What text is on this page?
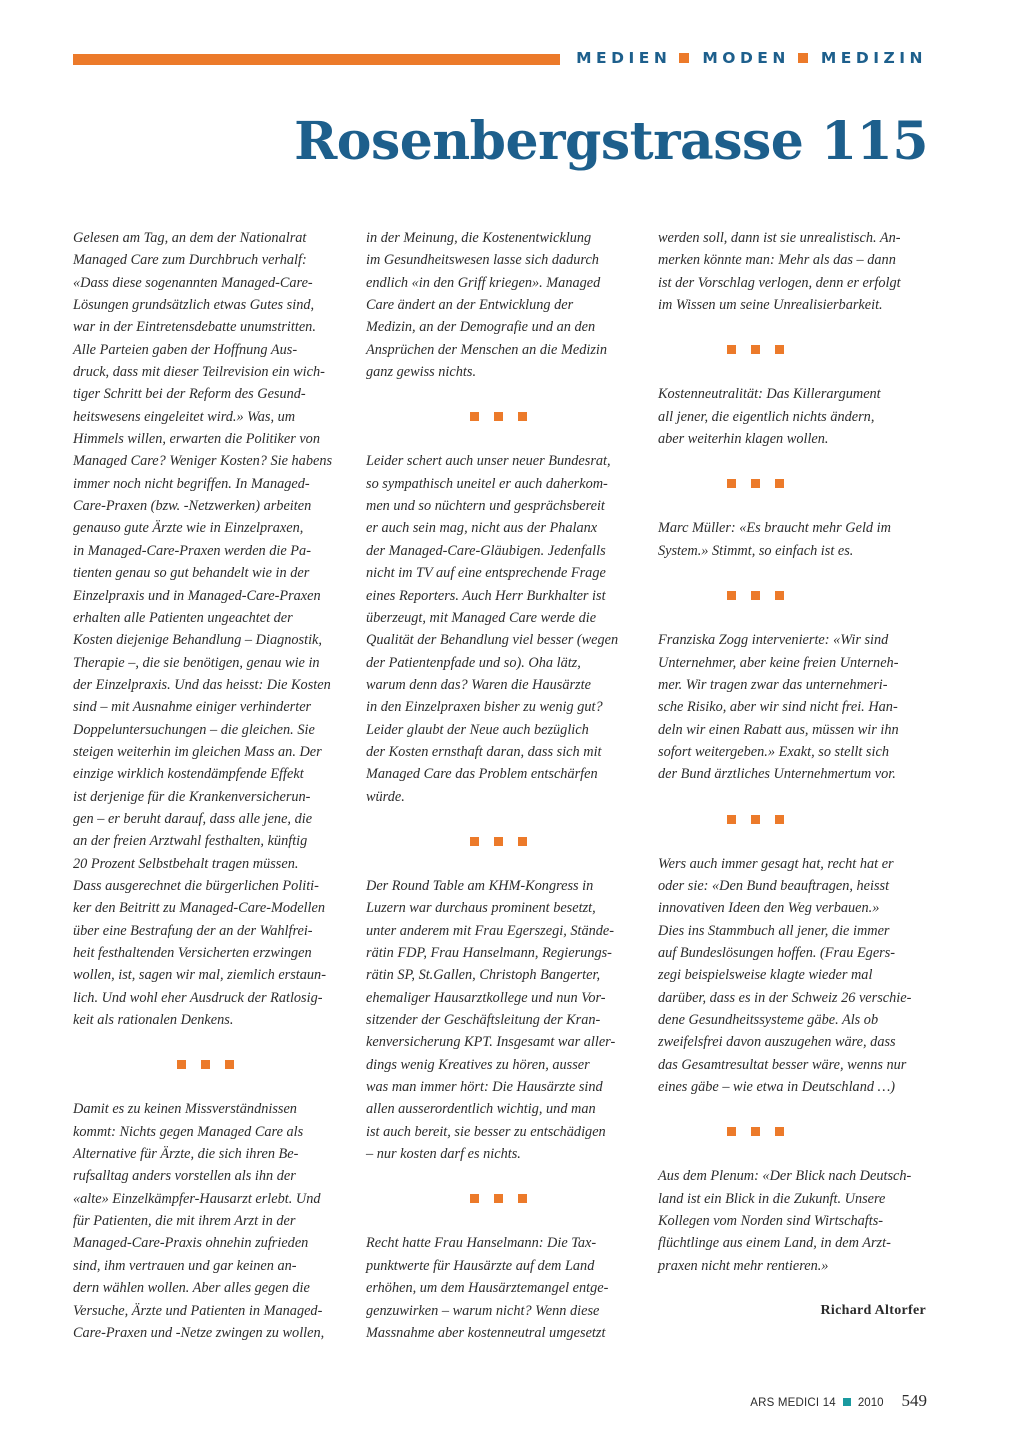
MEDIEN MODEN MEDIZIN
Rosenbergstrasse 115
Gelesen am Tag, an dem der Nationalrat
Managed Care zum Durchbruch verhalf:
«Dass diese sogenannten Managed-Care-
Lösungen grundsätzlich etwas Gutes sind,
war in der Eintretensdebatte unumstritten.
Alle Parteien gaben der Hoffnung Aus-
druck, dass mit dieser Teilrevision ein wich-
tiger Schritt bei der Reform des Gesund-
heitswesens eingeleitet wird.» Was, um
Himmels willen, erwarten die Politiker von
Managed Care? Weniger Kosten? Sie habens
immer noch nicht begriffen. In Managed-
Care-Praxen (bzw. -Netzwerken) arbeiten
genauso gute Ärzte wie in Einzelpraxen,
in Managed-Care-Praxen werden die Pa-
tienten genau so gut behandelt wie in der
Einzelpraxis und in Managed-Care-Praxen
erhalten alle Patienten ungeachtet der
Kosten diejenige Behandlung – Diagnostik,
Therapie –, die sie benötigen, genau wie in
der Einzelpraxis. Und das heisst: Die Kosten
sind – mit Ausnahme einiger verhinderter
Doppeluntersuchungen – die gleichen. Sie
steigen weiterhin im gleichen Mass an. Der
einzige wirklich kostendämpfende Effekt
ist derjenige für die Krankenversicherun-
gen – er beruht darauf, dass alle jene, die
an der freien Arztwahl festhalten, künftig
20 Prozent Selbstbehalt tragen müssen.
Dass ausgerechnet die bürgerlichen Politi-
ker den Beitritt zu Managed-Care-Modellen
über eine Bestrafung der an der Wahlfrei-
heit festhaltenden Versicherten erzwingen
wollen, ist, sagen wir mal, ziemlich erstaun-
lich. Und wohl eher Ausdruck der Ratlosig-
keit als rationalen Denkens.
Damit es zu keinen Missverständnissen
kommt: Nichts gegen Managed Care als
Alternative für Ärzte, die sich ihren Be-
rufsalltag anders vorstellen als ihn der
«alte» Einzelkämpfer-Hausarzt erlebt. Und
für Patienten, die mit ihrem Arzt in der
Managed-Care-Praxis ohnehin zufrieden
sind, ihm vertrauen und gar keinen an-
dern wählen wollen. Aber alles gegen die
Versuche, Ärzte und Patienten in Managed-
Care-Praxen und -Netze zwingen zu wollen,
in der Meinung, die Kostenentwicklung
im Gesundheitswesen lasse sich dadurch
endlich «in den Griff kriegen». Managed
Care ändert an der Entwicklung der
Medizin, an der Demografie und an den
Ansprüchen der Menschen an die Medizin
ganz gewiss nichts.
Leider schert auch unser neuer Bundesrat,
so sympathisch uneitel er auch daherkom-
men und so nüchtern und gesprächsbereit
er auch sein mag, nicht aus der Phalanx
der Managed-Care-Gläubigen. Jedenfalls
nicht im TV auf eine entsprechende Frage
eines Reporters. Auch Herr Burkhalter ist
überzeugt, mit Managed Care werde die
Qualität der Behandlung viel besser (wegen
der Patientenpfade und so). Oha lätz,
warum denn das? Waren die Hausärzte
in den Einzelpraxen bisher zu wenig gut?
Leider glaubt der Neue auch bezüglich
der Kosten ernsthaft daran, dass sich mit
Managed Care das Problem entschärfen
würde.
Der Round Table am KHM-Kongress in
Luzern war durchaus prominent besetzt,
unter anderem mit Frau Egerszegi, Stände-
rätin FDP, Frau Hanselmann, Regierungs-
rätin SP, St.Gallen, Christoph Bangerter,
ehemaliger Hausarztkollege und nun Vor-
sitzender der Geschäftsleitung der Kran-
kenversicherung KPT. Insgesamt war aller-
dings wenig Kreatives zu hören, ausser
was man immer hört: Die Hausärzte sind
allen ausserordentlich wichtig, und man
ist auch bereit, sie besser zu entschädigen
– nur kosten darf es nichts.
Recht hatte Frau Hanselmann: Die Tax-
punktwerte für Hausärzte auf dem Land
erhöhen, um dem Hausärztemangel entge-
genzuwirken – warum nicht? Wenn diese
Massnahme aber kostenneutral umgesetzt
werden soll, dann ist sie unrealistisch. An-
merken könnte man: Mehr als das – dann
ist der Vorschlag verlogen, denn er erfolgt
im Wissen um seine Unrealisierbarkeit.
Kostenneutralität: Das Killerargument
all jener, die eigentlich nichts ändern,
aber weiterhin klagen wollen.
Marc Müller: «Es braucht mehr Geld im
System.» Stimmt, so einfach ist es.
Franziska Zogg intervenierte: «Wir sind
Unternehmer, aber keine freien Unterneh-
mer. Wir tragen zwar das unternehmeri-
sche Risiko, aber wir sind nicht frei. Han-
deln wir einen Rabatt aus, müssen wir ihn
sofort weitergeben.» Exakt, so stellt sich
der Bund ärztliches Unternehmertum vor.
Wers auch immer gesagt hat, recht hat er
oder sie: «Den Bund beauftragen, heisst
innovativen Ideen den Weg verbauen.»
Dies ins Stammbuch all jener, die immer
auf Bundeslösungen hoffen. (Frau Egers-
zegi beispielsweise klagte wieder mal
darüber, dass es in der Schweiz 26 verschie-
dene Gesundheitssysteme gäbe. Als ob
zweifelsfrei davon auszugehen wäre, dass
das Gesamtresultat besser wäre, wenns nur
eines gäbe – wie etwa in Deutschland …)
Aus dem Plenum: «Der Blick nach Deutsch-
land ist ein Blick in die Zukunft. Unsere
Kollegen vom Norden sind Wirtschafts-
flüchtlinge aus einem Land, in dem Arzt-
praxen nicht mehr rentieren.»
Richard Altorfer
ARS MEDICI 14 2010 549
